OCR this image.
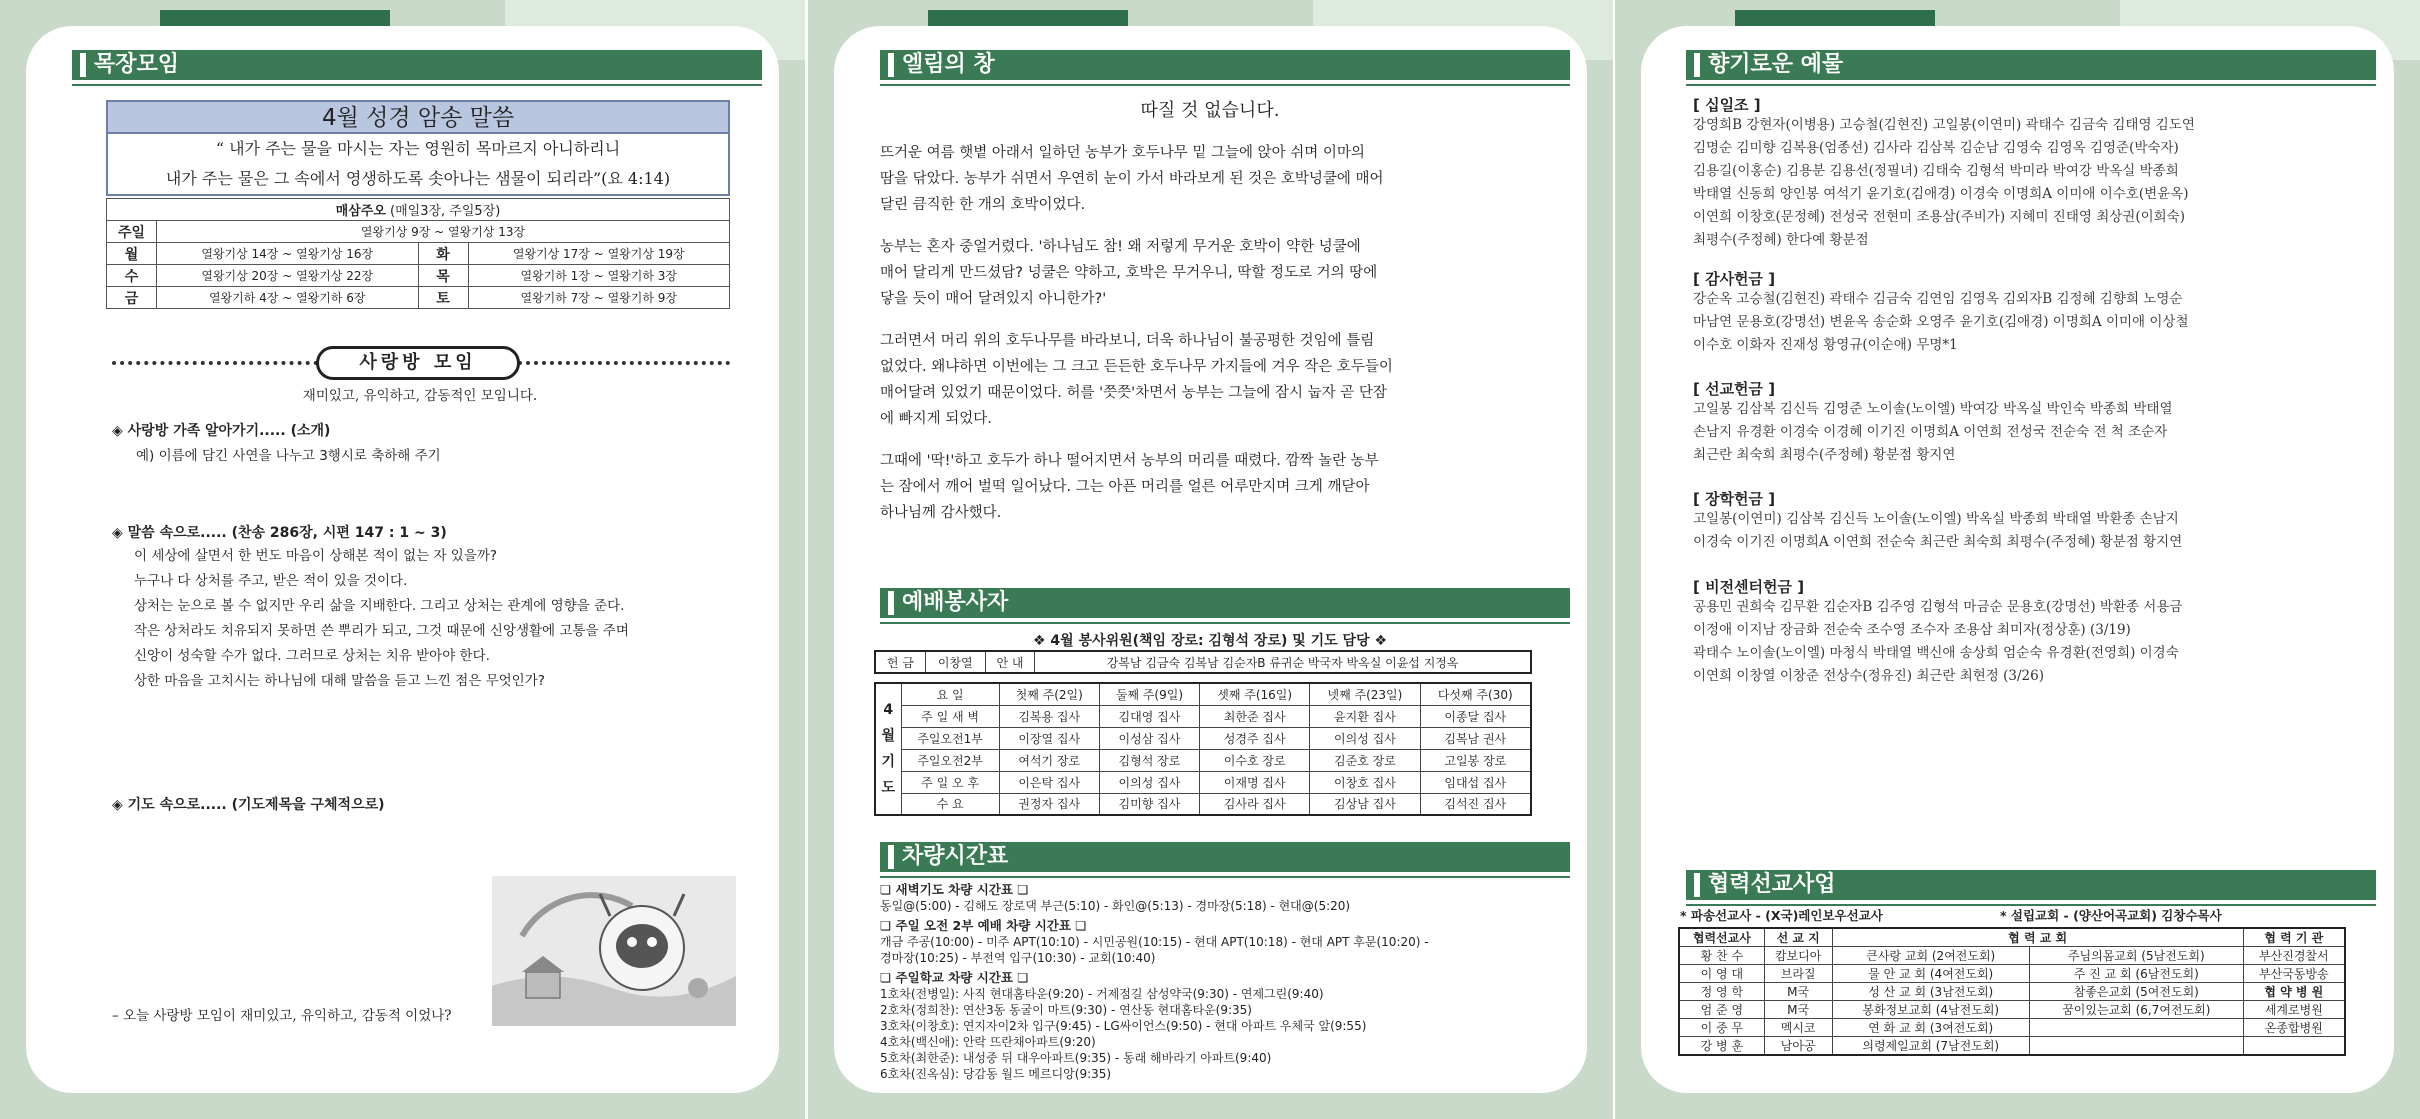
목장모임
4월 성경 암송 말씀
“ 내가 주는 물을 마시는 자는 영원히 목마르지 아니하리니
내가 주는 물은 그 속에서 영생하도록 솟아나는 샘물이 되리라”(요 4:14)
매삼주오 (매일3장, 주일5장)			
주일	열왕기상 9장 ~ 열왕기상 13장		
월	열왕기상 14장 ~ 열왕기상 16장	화	열왕기상 17장 ~ 열왕기상 19장
수	열왕기상 20장 ~ 열왕기상 22장	목	열왕기하 1장 ~ 열왕기하 3장
금	열왕기하 4장 ~ 열왕기하 6장	토	열왕기하 7장 ~ 열왕기하 9장
사랑방 모임
재미있고, 유익하고, 감동적인 모임니다.
◈ 사랑방 가족 알아가기..... (소개)
예) 이름에 담긴 사연을 나누고 3행시로 축하해 주기
◈ 말씀 속으로..... (찬송 286장, 시편 147 : 1 ~ 3)
이 세상에 살면서 한 번도 마음이 상해본 적이 없는 자 있을까?
누구나 다 상처를 주고, 받은 적이 있을 것이다.
상처는 눈으로 볼 수 없지만 우리 삶을 지배한다. 그리고 상처는 관계에 영향을 준다.
작은 상처라도 치유되지 못하면 쓴 뿌리가 되고, 그것 때문에 신앙생활에 고통을 주며
신앙이 성숙할 수가 없다. 그러므로 상처는 치유 받아야 한다.
상한 마음을 고치시는 하나님에 대해 말씀을 듣고 느낀 점은 무엇인가?
◈ 기도 속으로..... (기도제목을 구체적으로)
– 오늘 사랑방 모임이 재미있고, 유익하고, 감동적 이었나?
엘림의 창
따질 것 없습니다.
뜨거운 여름 햇볕 아래서 일하던 농부가 호두나무 밑 그늘에 앉아 쉬며 이마의
땀을 닦았다. 농부가 쉬면서 우연히 눈이 가서 바라보게 된 것은 호박넝쿨에 매어
달린 큼직한 한 개의 호박이었다.
농부는 혼자 중얼거렸다. '하나님도 참! 왜 저렇게 무거운 호박이 약한 넝쿨에
매어 달리게 만드셨담? 넝쿨은 약하고, 호박은 무거우니, 딱할 정도로 거의 땅에
닿을 듯이 매어 달려있지 아니한가?'
그러면서 머리 위의 호두나무를 바라보니, 더욱 하나님이 불공평한 것임에 틀림
없었다. 왜냐하면 이번에는 그 크고 든든한 호두나무 가지들에 겨우 작은 호두들이
매어달려 있었기 때문이었다. 허를 '쯧쯧'차면서 농부는 그늘에 잠시 눕자 곧 단잠
에 빠지게 되었다.
그때에 '딱!'하고 호두가 하나 떨어지면서 농부의 머리를 때렸다. 깜짝 놀란 농부
는 잠에서 깨어 벌떡 일어났다. 그는 아픈 머리를 얼른 어루만지며 크게 깨닫아
하나님께 감사했다.
예배봉사자
❖ 4월 봉사위원(책임 장로: 김형석 장로) 및 기도 담당 ❖
헌 금	이창열	안 내	강복남 김금숙 김복남 김순자B 류귀순 박국자 박옥실 이윤섭 지정옥
4 월 기 도	요 일	첫째 주(2일)	둘째 주(9일)	셋째 주(16일)	넷째 주(23일)	다섯째 주(30)
	주 일 새 벽	김복용 집사	김대영 집사	최한준 집사	윤지환 집사	이종달 집사
	주일오전1부	이장열 집사	이성삼 집사	성경주 집사	이의성 집사	김복남 권사
	주일오전2부	여석기 장로	김형석 장로	이수호 장로	김준호 장로	고일봉 장로
	주 일 오 후	이은탁 집사	이의성 집사	이재명 집사	이창호 집사	임대섭 집사
	수 요	권정자 집사	김미향 집사	김사라 집사	김상남 집사	김석진 집사
차량시간표
❏ 새벽기도 차량 시간표 ❏
동일@(5:00) - 김해도 장로댁 부근(5:10) - 화인@(5:13) - 경마장(5:18) - 현대@(5:20)
❏ 주일 오전 2부 예배 차량 시간표 ❏
개금 주공(10:00) - 미주 APT(10:10) - 시민공원(10:15) - 현대 APT(10:18) - 현대 APT 후문(10:20) -
경마장(10:25) - 부전역 입구(10:30) - 교회(10:40)
❏ 주일학교 차량 시간표 ❏
1호차(전병일): 사직 현대홈타운(9:20) - 거제점길 삼성약국(9:30) - 연제그린(9:40)
2호차(정희찬): 연산3동 동굴이 마트(9:30) - 연산동 현대홈타운(9:35)
3호차(이창호): 연지자이2차 입구(9:45) - LG싸이언스(9:50) - 현대 아파트 우체국 앞(9:55)
4호차(백신애): 안락 뜨란채아파트(9:20)
5호차(최한준): 내성중 뒤 대우아파트(9:35) - 동래 해바라기 아파트(9:40)
6호차(진옥심): 당감동 월드 메르디앙(9:35)
향기로운 예물
[ 십일조 ]
강영희B 강현자(이병용) 고승철(김현진) 고일봉(이연미) 곽태수 김금숙 김태영 김도연
김명순 김미향 김복용(엄종선) 김사라 김삼복 김순남 김영숙 김영옥 김영준(박숙자)
김용길(이홍순) 김용분 김용선(정필녀) 김태숙 김형석 박미라 박여강 박옥실 박종희
박태열 신동희 양인봉 여석기 윤기호(김애경) 이경숙 이명희A 이미애 이수호(변윤옥)
이연희 이창호(문정혜) 전성국 전현미 조용삼(주비가) 지혜미 진태영 최상권(이희숙)
최평수(주정혜) 한다예 황분점
[ 감사헌금 ]
강순옥 고승철(김현진) 곽태수 김금숙 김연임 김영옥 김외자B 김정혜 김향희 노영순
마남연 문용호(강명선) 변윤옥 송순화 오영주 윤기호(김애경) 이명희A 이미애 이상철
이수호 이화자 진재성 황영규(이순애) 무명*1
[ 선교헌금 ]
고일봉 김삼복 김신득 김영준 노이솔(노이엘) 박여강 박옥실 박인숙 박종희 박태열
손남지 유경환 이경숙 이경혜 이기진 이명희A 이연희 전성국 전순숙 전 척 조순자
최근란 최숙희 최평수(주정혜) 황분점 황지연
[ 장학헌금 ]
고일봉(이연미) 김삼복 김신득 노이솔(노이엘) 박옥실 박종희 박태열 박환종 손남지
이경숙 이기진 이명희A 이연희 전순숙 최근란 최숙희 최평수(주정혜) 황분점 황지연
[ 비전센터헌금 ]
공용민 권희숙 김무환 김순자B 김주영 김형석 마금순 문용호(강명선) 박환종 서용금
이정애 이지남 장금화 전순숙 조수영 조수자 조용삼 최미자(정상훈) (3/19)
곽태수 노이솔(노이엘) 마청식 박태열 백신애 송상희 엄순숙 유경환(전영희) 이경숙
이연희 이창열 이창준 전상수(정유진) 최근란 최현정 (3/26)
협력선교사업
* 파송선교사 - (X국)레인보우선교사	* 설립교회 - (양산어곡교회) 김창수목사
협력선교사	선 교 지	협 력 교 회		협 력 기 관
황 찬 수	캄보디아	큰사랑 교회 (2여전도회)	주님의몸교회 (5남전도회)	부산진경찰서
이 영 대	브라질	물 안 교 회 (4여전도회)	주 진 교 회 (6남전도회)	부산국동방송
정 영 학	M국	성 산 교 회 (3남전도회)	참좋은교회 (5여전도회)	협 약 병 원
엄 준 영	M국	봉화정보교회 (4남전도회)	꿈이있는교회 (6,7여전도회)	세계로병원
이 중 무	멕시코	연 화 교 회 (3여전도회)		온종합병원
강 병 훈	남아공	의령제일교회 (7남전도회)		
